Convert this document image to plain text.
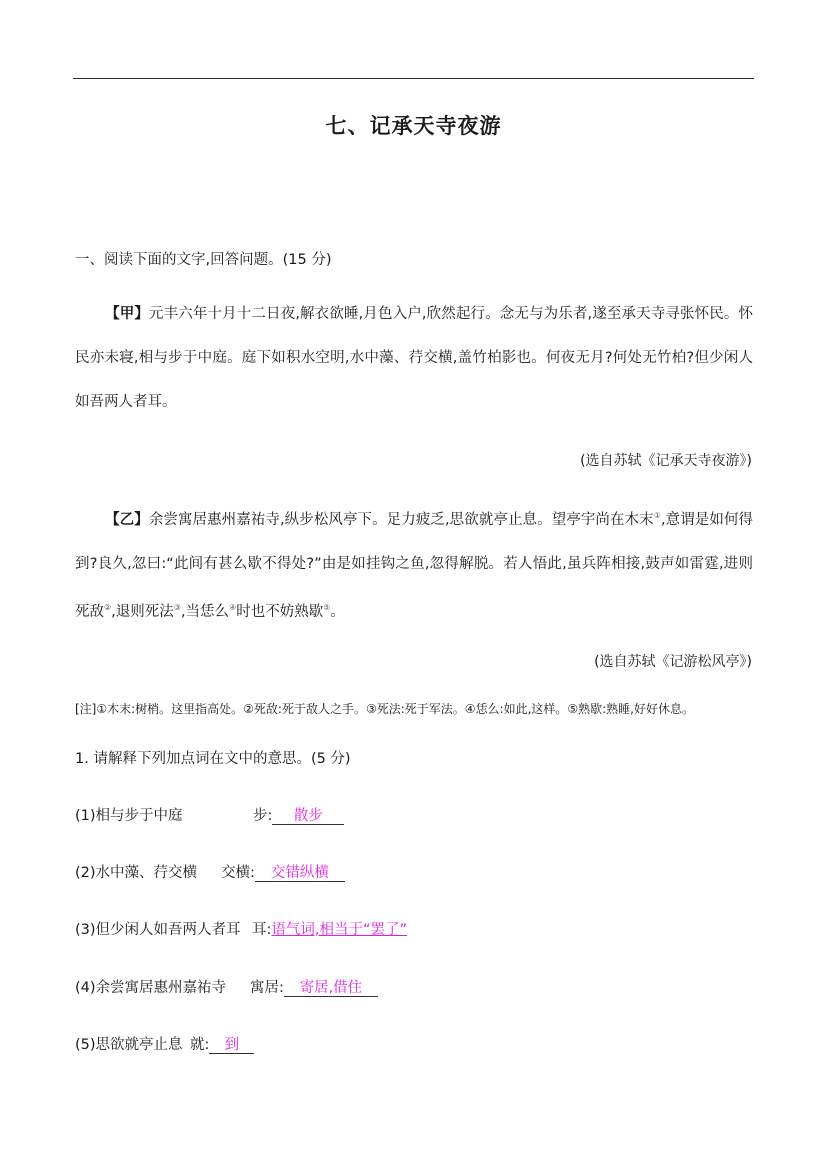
七、记承天寺夜游
一、阅读下面的文字,回答问题。(15 分)
【甲】元丰六年十月十二日夜,解衣欲睡,月色入户,欣然起行。念无与为乐者,遂至承天寺寻张怀民。怀民亦未寝,相与步于中庭。庭下如积水空明,水中藻、荇交横,盖竹柏影也。何夜无月?何处无竹柏?但少闲人如吾两人者耳。
(选自苏轼《记承天寺夜游》)
【乙】余尝寓居惠州嘉祐寺,纵步松风亭下。足力疲乏,思欲就亭止息。望亭宇尚在木末①,意谓是如何得到?良久,忽曰:“此间有甚么歇不得处?”由是如挂钩之鱼,忽得解脱。若人悟此,虽兵阵相接,鼓声如雷霆,进则死敌②,退则死法③,当恁么④时也不妨熟歇⑤。
(选自苏轼《记游松风亭》)
[注]①木末:树梢。这里指高处。②死敌:死于敌人之手。③死法:死于军法。④恁么:如此,这样。⑤熟歇:熟睡,好好休息。
1. 请解释下列加点词在文中的意思。(5 分)
(1)相与步于中庭	步: 散步
(2)水中藻、荇交横 交横: 交错纵横
(3)但少闲人如吾两人者耳 耳:语气词,相当于“罢了”
(4)余尝寓居惠州嘉祐寺 寓居: 寄居,借住
(5)思欲就亭止息 就: 到
